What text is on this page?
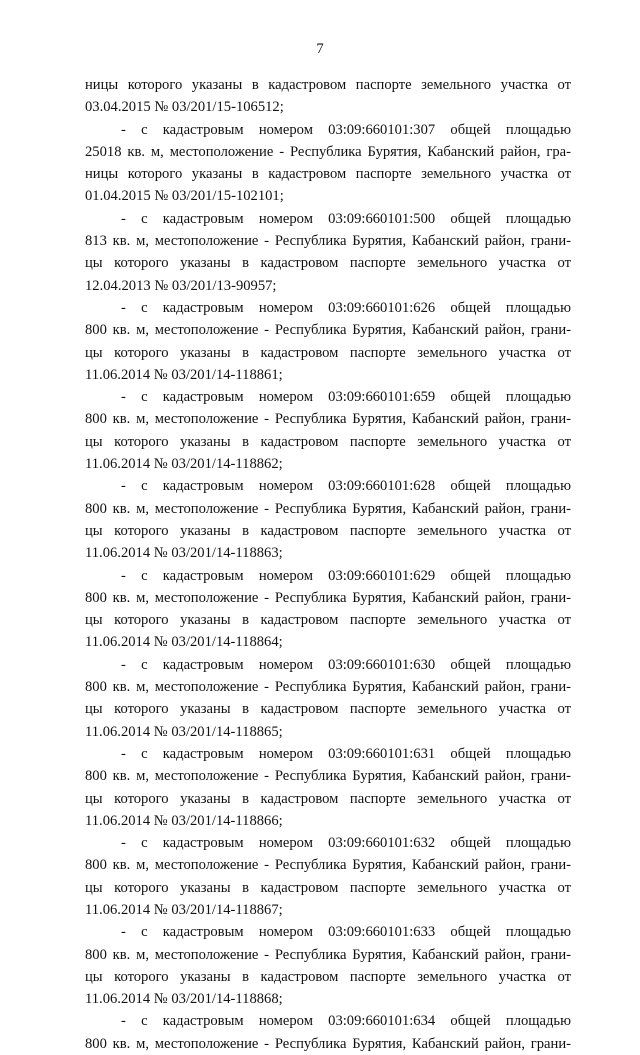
7
ницы которого указаны в кадастровом паспорте земельного участка от
03.04.2015 № 03/201/15-106512;
- с кадастровым номером 03:09:660101:307 общей площадью
25018 кв. м, местоположение - Республика Бурятия, Кабанский район, гра-
ницы которого указаны в кадастровом паспорте земельного участка от
01.04.2015 № 03/201/15-102101;
- с кадастровым номером 03:09:660101:500 общей площадью
813 кв. м, местоположение - Республика Бурятия, Кабанский район, грани-
цы которого указаны в кадастровом паспорте земельного участка от
12.04.2013 № 03/201/13-90957;
- с кадастровым номером 03:09:660101:626 общей площадью
800 кв. м, местоположение - Республика Бурятия, Кабанский район, грани-
цы которого указаны в кадастровом паспорте земельного участка от
11.06.2014 № 03/201/14-118861;
- с кадастровым номером 03:09:660101:659 общей площадью
800 кв. м, местоположение - Республика Бурятия, Кабанский район, грани-
цы которого указаны в кадастровом паспорте земельного участка от
11.06.2014 № 03/201/14-118862;
- с кадастровым номером 03:09:660101:628 общей площадью
800 кв. м, местоположение - Республика Бурятия, Кабанский район, грани-
цы которого указаны в кадастровом паспорте земельного участка от
11.06.2014 № 03/201/14-118863;
- с кадастровым номером 03:09:660101:629 общей площадью
800 кв. м, местоположение - Республика Бурятия, Кабанский район, грани-
цы которого указаны в кадастровом паспорте земельного участка от
11.06.2014 № 03/201/14-118864;
- с кадастровым номером 03:09:660101:630 общей площадью
800 кв. м, местоположение - Республика Бурятия, Кабанский район, грани-
цы которого указаны в кадастровом паспорте земельного участка от
11.06.2014 № 03/201/14-118865;
- с кадастровым номером 03:09:660101:631 общей площадью
800 кв. м, местоположение - Республика Бурятия, Кабанский район, грани-
цы которого указаны в кадастровом паспорте земельного участка от
11.06.2014 № 03/201/14-118866;
- с кадастровым номером 03:09:660101:632 общей площадью
800 кв. м, местоположение - Республика Бурятия, Кабанский район, грани-
цы которого указаны в кадастровом паспорте земельного участка от
11.06.2014 № 03/201/14-118867;
- с кадастровым номером 03:09:660101:633 общей площадью
800 кв. м, местоположение - Республика Бурятия, Кабанский район, грани-
цы которого указаны в кадастровом паспорте земельного участка от
11.06.2014 № 03/201/14-118868;
- с кадастровым номером 03:09:660101:634 общей площадью
800 кв. м, местоположение - Республика Бурятия, Кабанский район, грани-
